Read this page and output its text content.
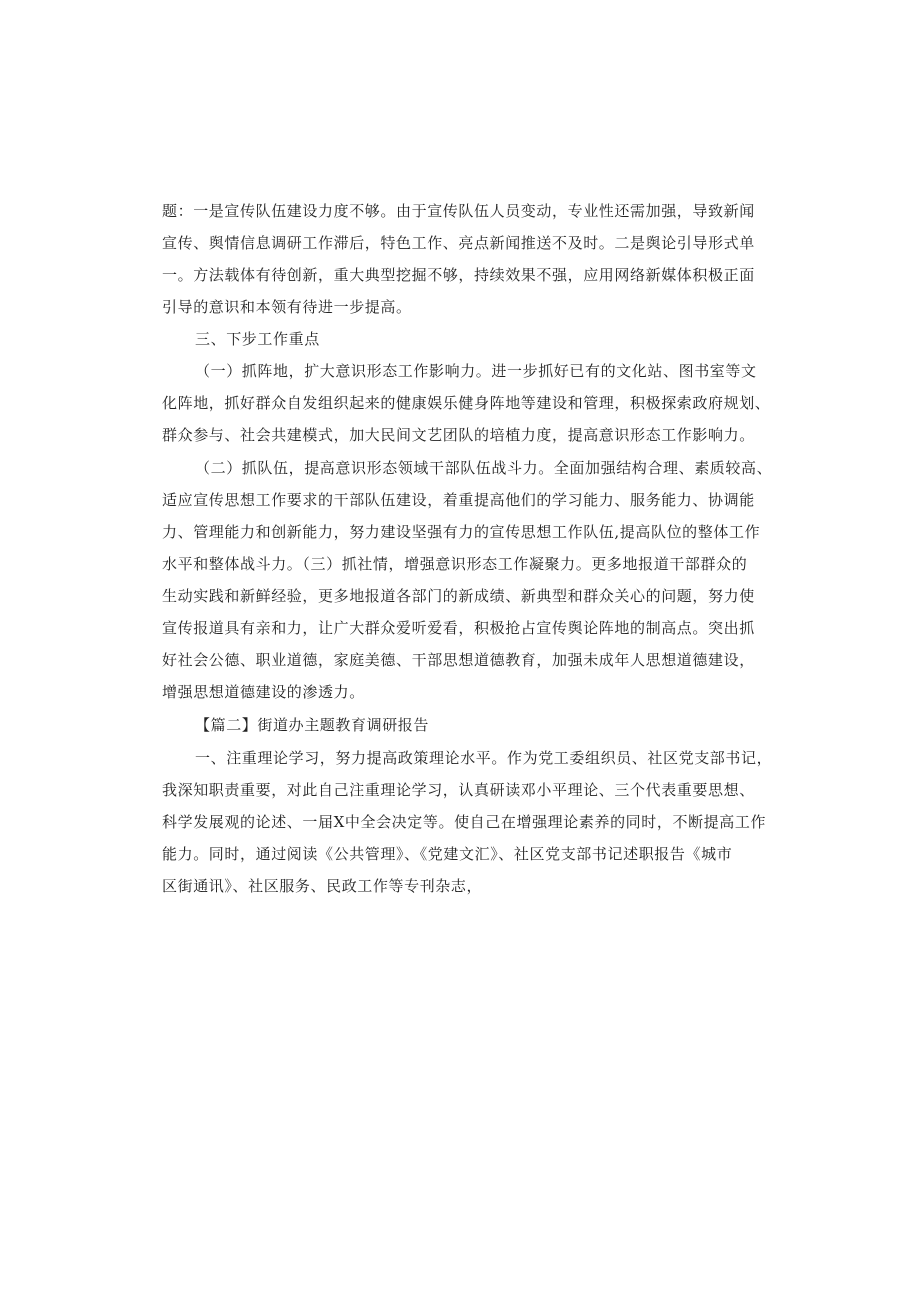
题：一是宣传队伍建设力度不够。由于宣传队伍人员变动，专业性还需加强，导致新闻
宣传、舆情信息调研工作滞后，特色工作、亮点新闻推送不及时。二是舆论引导形式单
一。方法载体有待创新，重大典型挖掘不够，持续效果不强，应用网络新媒体积极正面
引导的意识和本领有待进一步提高。
三、下步工作重点
（一）抓阵地，扩大意识形态工作影响力。进一步抓好已有的文化站、图书室等文
化阵地，抓好群众自发组织起来的健康娱乐健身阵地等建设和管理，积极探索政府规划、
群众参与、社会共建模式，加大民间文艺团队的培植力度，提高意识形态工作影响力。
（二）抓队伍，提高意识形态领域干部队伍战斗力。全面加强结构合理、素质较高、
适应宣传思想工作要求的干部队伍建设，着重提高他们的学习能力、服务能力、协调能
力、管理能力和创新能力，努力建设坚强有力的宣传思想工作队伍,提高队位的整体工作
水平和整体战斗力。（三）抓社情，增强意识形态工作凝聚力。更多地报道干部群众的
生动实践和新鲜经验，更多地报道各部门的新成绩、新典型和群众关心的问题，努力使
宣传报道具有亲和力，让广大群众爱听爱看，积极抢占宣传舆论阵地的制高点。突出抓
好社会公德、职业道德，家庭美德、干部思想道德教育，加强未成年人思想道德建设，
增强思想道德建设的渗透力。
【篇二】街道办主题教育调研报告
一、注重理论学习，努力提高政策理论水平。作为党工委组织员、社区党支部书记，
我深知职责重要，对此自己注重理论学习，认真研读邓小平理论、三个代表重要思想、
科学发展观的论述、一届X中全会决定等。使自己在增强理论素养的同时，不断提高工作
能力。同时，通过阅读《公共管理》、《党建文汇》、社区党支部书记述职报告《城市
区街通讯》、社区服务、民政工作等专刊杂志，
